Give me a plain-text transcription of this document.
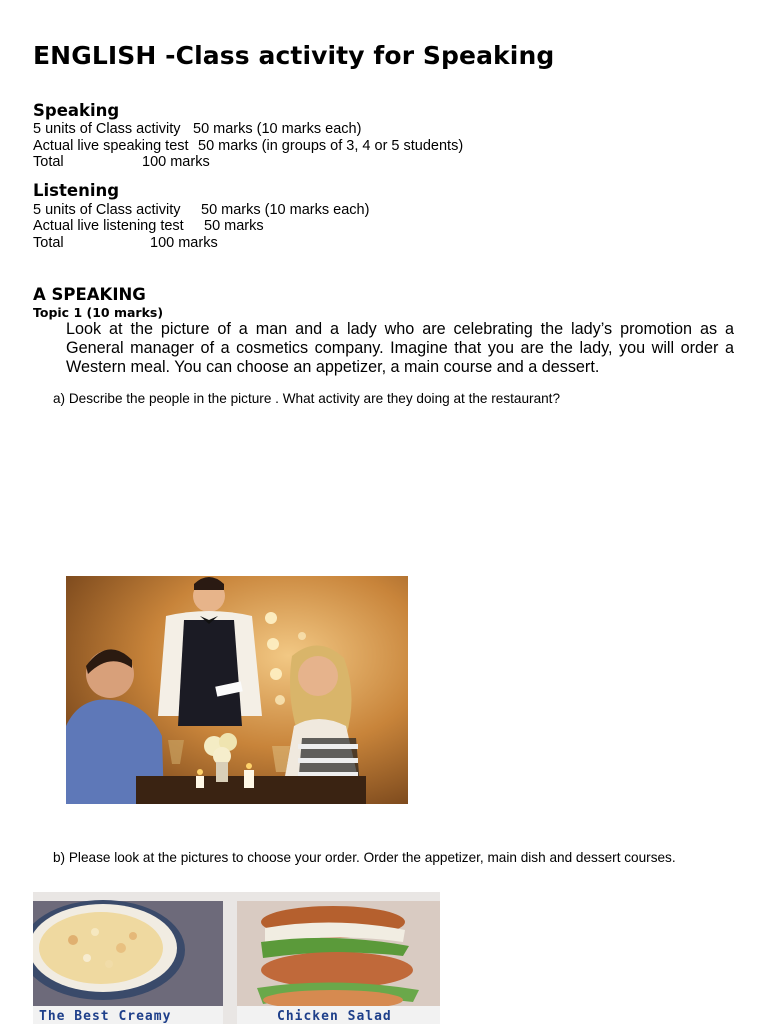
ENGLISH -Class activity for Speaking
Speaking
5 units of Class activity 50 marks (10 marks each)
Actual live speaking test 50 marks (in groups of 3, 4 or 5 students)
Total	100 marks
Listening
5 units of Class activity 50 marks (10 marks each)
Actual live listening test 50 marks
Total	100 marks
A SPEAKING
Topic 1 (10 marks)
Look at the picture of a man and a lady who are celebrating the lady’s promotion as a General manager of a cosmetics company. Imagine that you are the lady, you will order a Western meal. You can choose an appetizer, a main course and a dessert.
a) Describe the people in the picture . What activity are they doing at the restaurant?
b) Please look at the pictures to choose your order. Order the appetizer, main dish and dessert courses.
The Best Creamy	Chicken Salad
